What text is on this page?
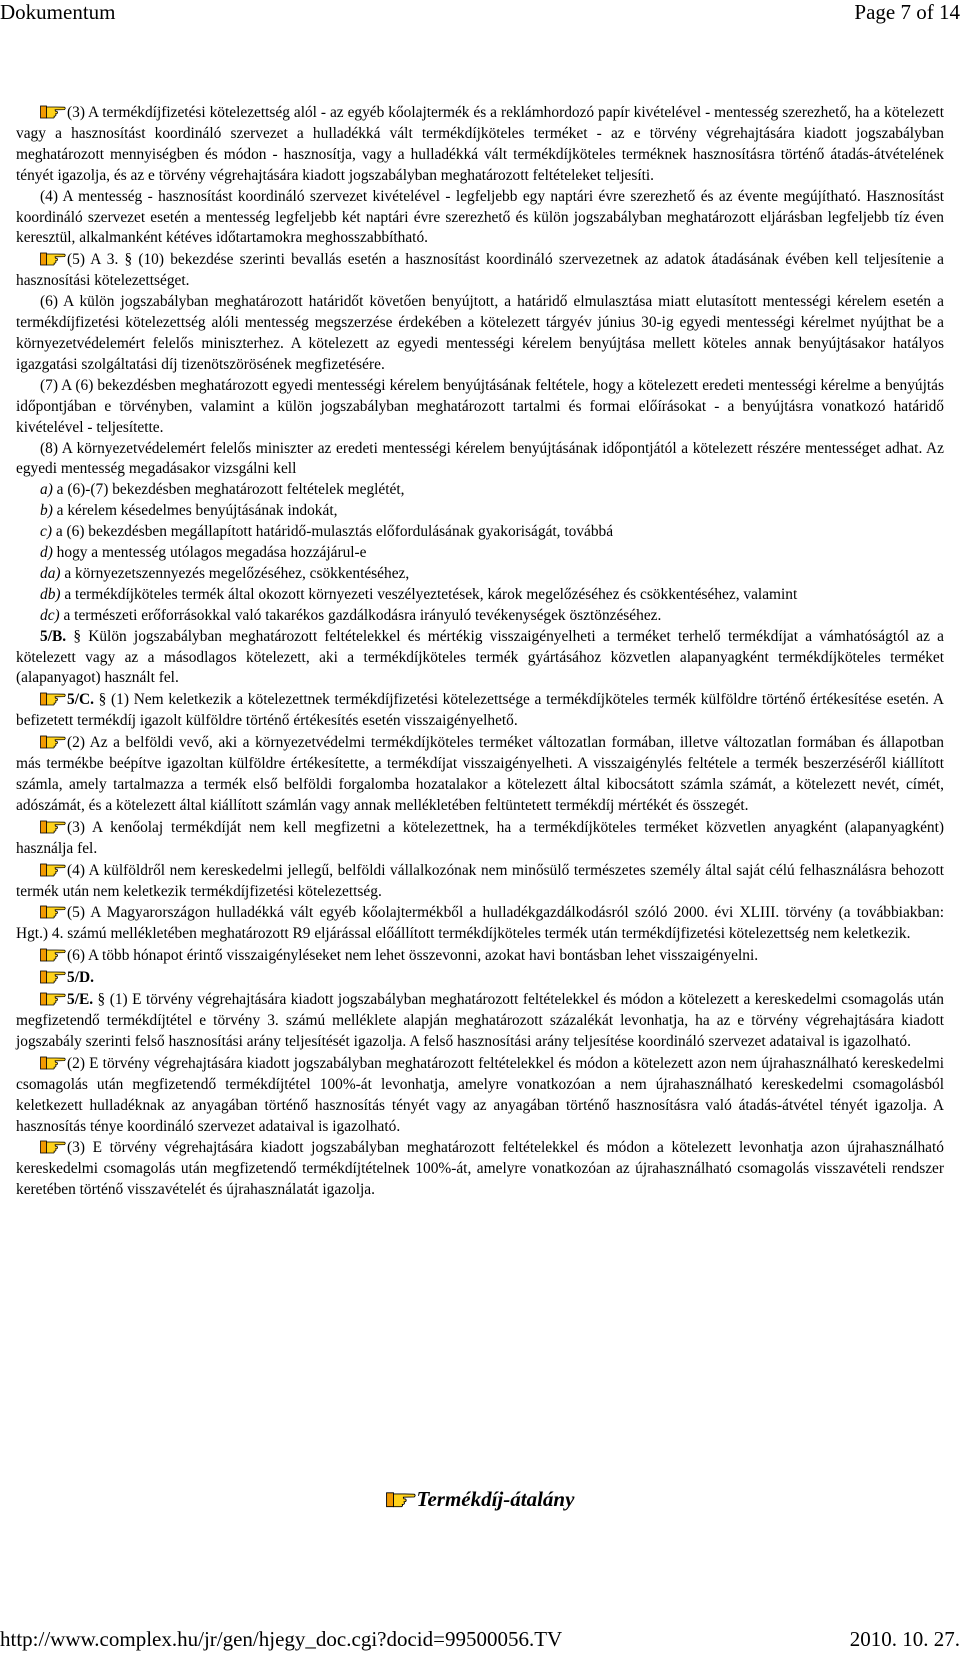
Dokumentum	Page 7 of 14

(3) A termékdíjfizetési kötelezettség alól - az egyéb kőolajtermék és a reklámhordozó papír kivételével - mentesség szerezhető, ha a kötelezett vagy a hasznosítást koordináló szervezet a hulladékká vált termékdíjköteles terméket - az e törvény végrehajtására kiadott jogszabályban meghatározott mennyiségben és módon - hasznosítja, vagy a hulladékká vált termékdíjköteles terméknek hasznosításra történő átadás-átvételének tényét igazolja, és az e törvény végrehajtására kiadott jogszabályban meghatározott feltételeket teljesíti.

(4) A mentesség - hasznosítást koordináló szervezet kivételével - legfeljebb egy naptári évre szerezhető és az évente megújítható. Hasznosítást koordináló szervezet esetén a mentesség legfeljebb két naptári évre szerezhető és külön jogszabályban meghatározott eljárásban legfeljebb tíz éven keresztül, alkalmanként kétéves időtartamokra meghosszabbítható.

(5) A 3. § (10) bekezdése szerinti bevallás esetén a hasznosítást koordináló szervezetnek az adatok átadásának évében kell teljesítenie a hasznosítási kötelezettséget.

(6) A külön jogszabályban meghatározott határidőt követően benyújtott, a határidő elmulasztása miatt elutasított mentességi kérelem esetén a termékdíjfizetési kötelezettség alóli mentesség megszerzése érdekében a kötelezett tárgyév június 30-ig egyedi mentességi kérelmet nyújthat be a környezetvédelemért felelős miniszterhez. A kötelezett az egyedi mentességi kérelem benyújtása mellett köteles annak benyújtásakor hatályos igazgatási szolgáltatási díj tizenötszörösének megfizetésére.

(7) A (6) bekezdésben meghatározott egyedi mentességi kérelem benyújtásának feltétele, hogy a kötelezett eredeti mentességi kérelme a benyújtás időpontjában e törvényben, valamint a külön jogszabályban meghatározott tartalmi és formai előírásokat - a benyújtásra vonatkozó határidő kivételével - teljesítette.

(8) A környezetvédelemért felelős miniszter az eredeti mentességi kérelem benyújtásának időpontjától a kötelezett részére mentességet adhat. Az egyedi mentesség megadásakor vizsgálni kell

a) a (6)-(7) bekezdésben meghatározott feltételek meglétét,

b) a kérelem késedelmes benyújtásának indokát,

c) a (6) bekezdésben megállapított határidő-mulasztás előfordulásának gyakoriságát, továbbá

d) hogy a mentesség utólagos megadása hozzájárul-e

da) a környezetszennyezés megelőzéséhez, csökkentéséhez,

db) a termékdíjköteles termék által okozott környezeti veszélyeztetések, károk megelőzéséhez és csökkentéséhez, valamint

dc) a természeti erőforrásokkal való takarékos gazdálkodásra irányuló tevékenységek ösztönzéséhez.

5/B. § Külön jogszabályban meghatározott feltételekkel és mértékig visszaigényelheti a terméket terhelő termékdíjat a vámhatóságtól az a kötelezett vagy az a másodlagos kötelezett, aki a termékdíjköteles termék gyártásához közvetlen alapanyagként termékdíjköteles terméket (alapanyagot) használt fel.

5/C. § (1) Nem keletkezik a kötelezettnek termékdíjfizetési kötelezettsége a termékdíjköteles termék külföldre történő értékesítése esetén. A befizetett termékdíj igazolt külföldre történő értékesítés esetén visszaigényelhető.

(2) Az a belföldi vevő, aki a környezetvédelmi termékdíjköteles terméket változatlan formában, illetve változatlan formában és állapotban más termékbe beépítve igazoltan külföldre értékesítette, a termékdíjat visszaigényelheti. A visszaigénylés feltétele a termék beszerzéséről kiállított számla, amely tartalmazza a termék első belföldi forgalomba hozatalakor a kötelezett által kibocsátott számla számát, a kötelezett nevét, címét, adószámát, és a kötelezett által kiállított számlán vagy annak mellékletében feltüntetett termékdíj mértékét és összegét.

(3) A kenőolaj termékdíját nem kell megfizetni a kötelezettnek, ha a termékdíjköteles terméket közvetlen anyagként (alapanyagként) használja fel.

(4) A külföldről nem kereskedelmi jellegű, belföldi vállalkozónak nem minősülő természetes személy által saját célú felhasználásra behozott termék után nem keletkezik termékdíjfizetési kötelezettség.

(5) A Magyarországon hulladékká vált egyéb kőolajtermékből a hulladékgazdálkodásról szóló 2000. évi XLIII. törvény (a továbbiakban: Hgt.) 4. számú mellékletében meghatározott R9 eljárással előállított termékdíjköteles termék után termékdíjfizetési kötelezettség nem keletkezik.

(6) A több hónapot érintő visszaigényléseket nem lehet összevonni, azokat havi bontásban lehet visszaigényelni.

5/D.

5/E. § (1) E törvény végrehajtására kiadott jogszabályban meghatározott feltételekkel és módon a kötelezett a kereskedelmi csomagolás után megfizetendő termékdíjtétel e törvény 3. számú melléklete alapján meghatározott százalékát levonhatja, ha az e törvény végrehajtására kiadott jogszabály szerinti felső hasznosítási arány teljesítését igazolja. A felső hasznosítási arány teljesítése koordináló szervezet adataival is igazolható.

(2) E törvény végrehajtására kiadott jogszabályban meghatározott feltételekkel és módon a kötelezett azon nem újrahasználható kereskedelmi csomagolás után megfizetendő termékdíjtétel 100%-át levonhatja, amelyre vonatkozóan a nem újrahasználható kereskedelmi csomagolásból keletkezett hulladéknak az anyagában történő hasznosítás tényét vagy az anyagában történő hasznosításra való átadás-átvétel tényét igazolja. A hasznosítás ténye koordináló szervezet adataival is igazolható.

(3) E törvény végrehajtására kiadott jogszabályban meghatározott feltételekkel és módon a kötelezett levonhatja azon újrahasználható kereskedelmi csomagolás után megfizetendő termékdíjtételnek 100%-át, amelyre vonatkozóan az újrahasználható csomagolás visszavételi rendszer keretében történő visszavételét és újrahasználatát igazolja.

Termékdíj-átalány
http://www.complex.hu/jr/gen/hjegy_doc.cgi?docid=99500056.TV	2010. 10. 27.
